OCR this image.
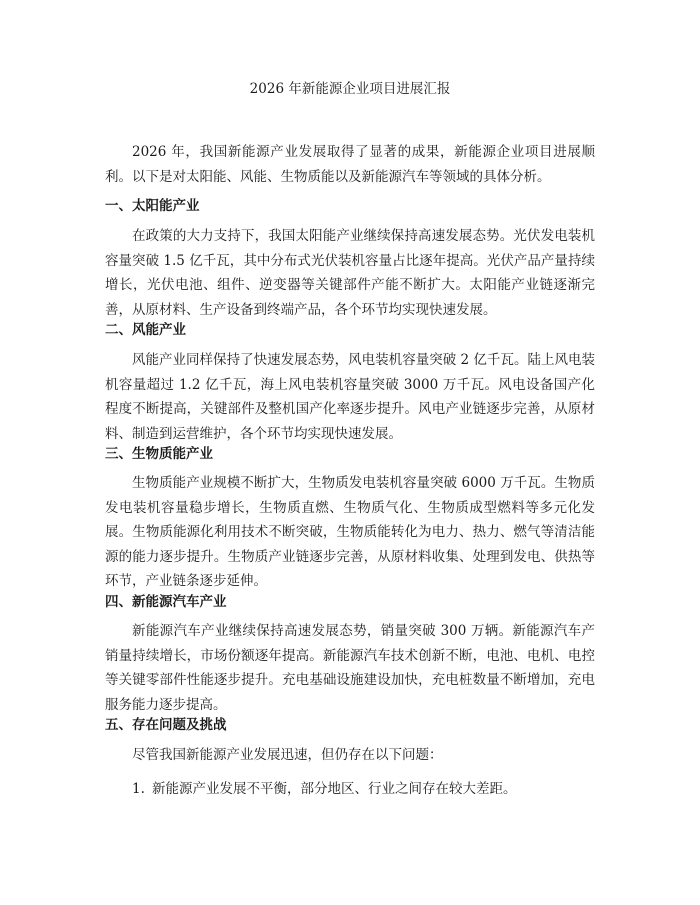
2026 年新能源企业项目进展汇报

2026 年，我国新能源产业发展取得了显著的成果，新能源企业项目进展顺利。以下是对太阳能、风能、生物质能以及新能源汽车等领域的具体分析。

一、太阳能产业

在政策的大力支持下，我国太阳能产业继续保持高速发展态势。光伏发电装机容量突破 1.5 亿千瓦，其中分布式光伏装机容量占比逐年提高。光伏产品产量持续增长，光伏电池、组件、逆变器等关键部件产能不断扩大。太阳能产业链逐渐完善，从原材料、生产设备到终端产品，各个环节均实现快速发展。

二、风能产业

风能产业同样保持了快速发展态势，风电装机容量突破 2 亿千瓦。陆上风电装机容量超过 1.2 亿千瓦，海上风电装机容量突破 3000 万千瓦。风电设备国产化程度不断提高，关键部件及整机国产化率逐步提升。风电产业链逐步完善，从原材料、制造到运营维护，各个环节均实现快速发展。

三、生物质能产业

生物质能产业规模不断扩大，生物质发电装机容量突破 6000 万千瓦。生物质发电装机容量稳步增长，生物质直燃、生物质气化、生物质成型燃料等多元化发展。生物质能源化利用技术不断突破，生物质能转化为电力、热力、燃气等清洁能源的能力逐步提升。生物质产业链逐步完善，从原材料收集、处理到发电、供热等环节，产业链条逐步延伸。

四、新能源汽车产业

新能源汽车产业继续保持高速发展态势，销量突破 300 万辆。新能源汽车产销量持续增长，市场份额逐年提高。新能源汽车技术创新不断，电池、电机、电控等关键零部件性能逐步提升。充电基础设施建设加快，充电桩数量不断增加，充电服务能力逐步提高。

五、存在问题及挑战

尽管我国新能源产业发展迅速，但仍存在以下问题：

1. 新能源产业发展不平衡，部分地区、行业之间存在较大差距。
